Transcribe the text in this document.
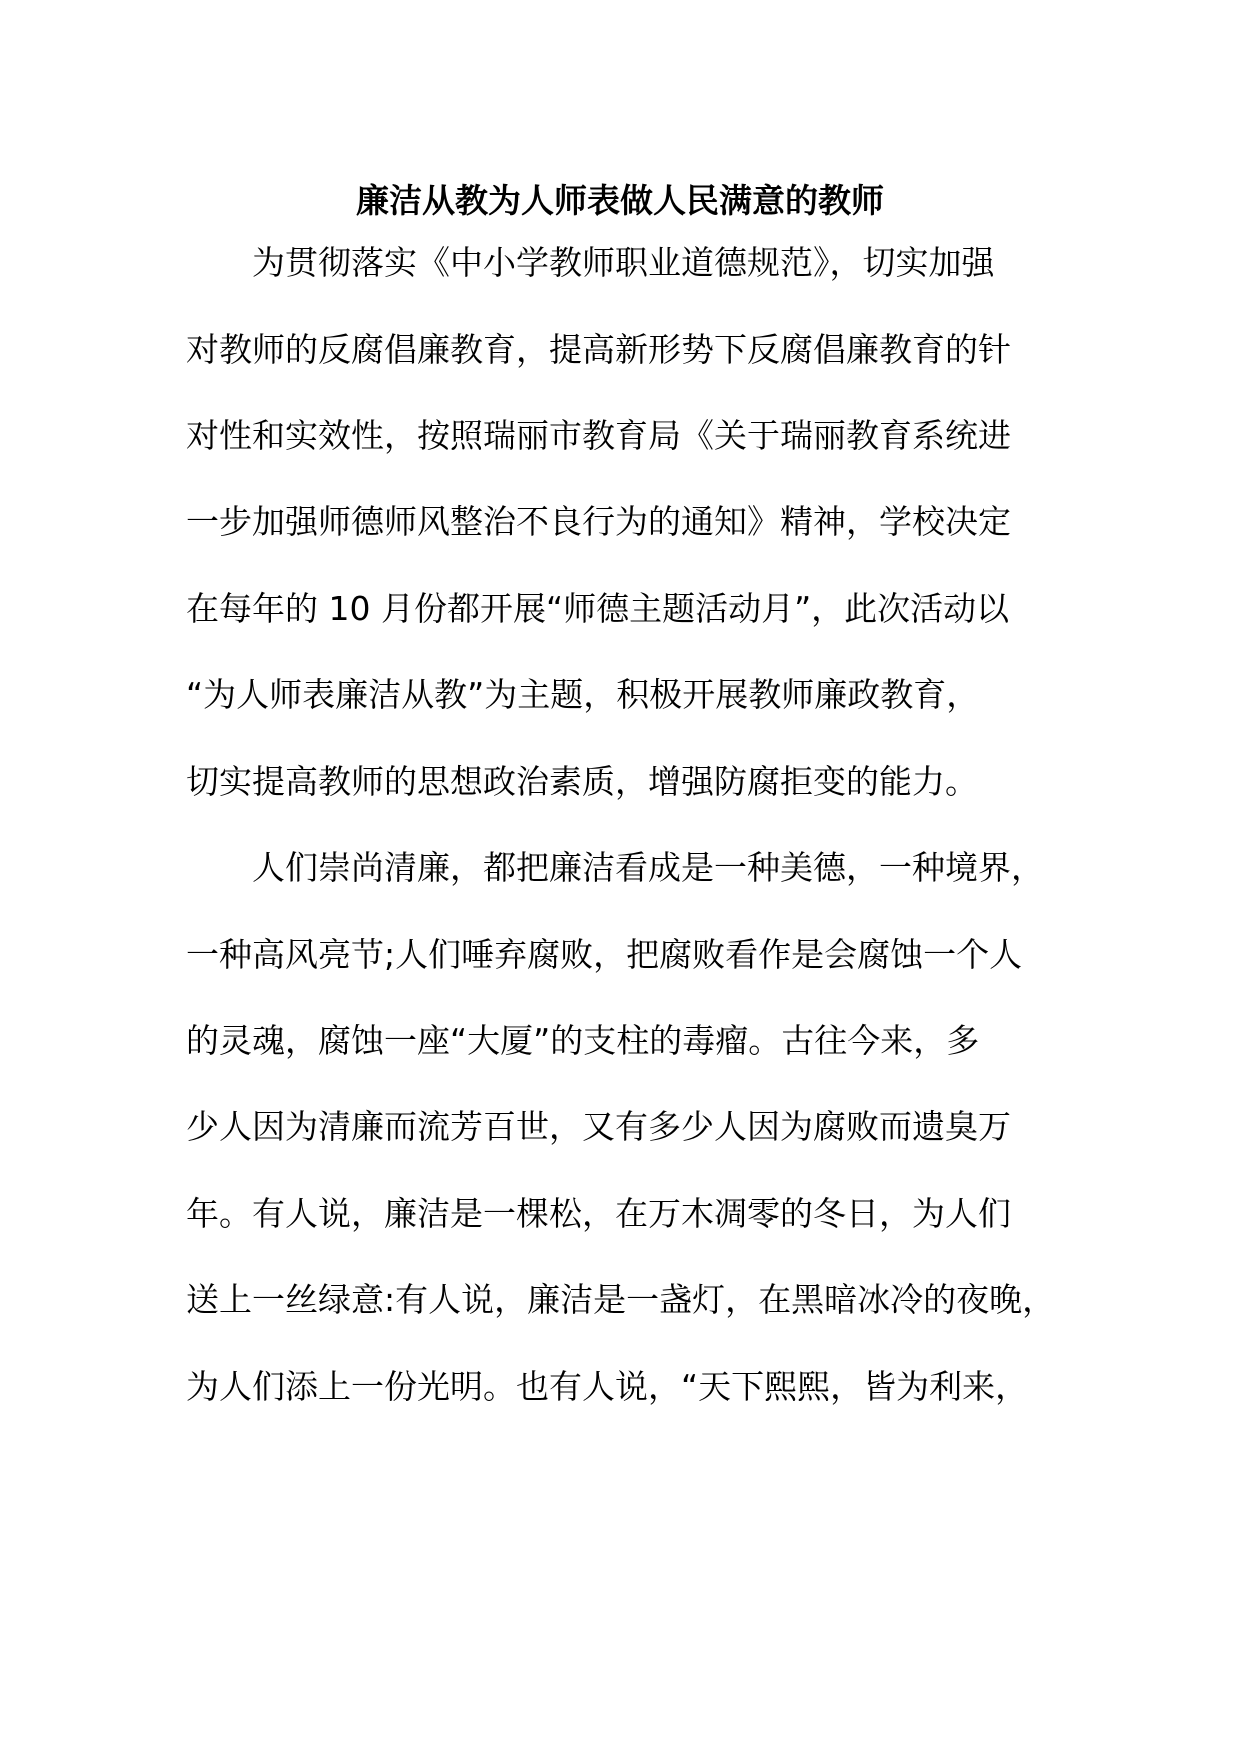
廉洁从教为人师表做人民满意的教师
为贯彻落实《中小学教师职业道德规范》，切实加强
对教师的反腐倡廉教育，提高新形势下反腐倡廉教育的针
对性和实效性，按照瑞丽市教育局《关于瑞丽教育系统进
一步加强师德师风整治不良行为的通知》精神，学校决定
在每年的 10 月份都开展“师德主题活动月”，此次活动以
“为人师表廉洁从教”为主题，积极开展教师廉政教育，
切实提高教师的思想政治素质，增强防腐拒变的能力。
人们崇尚清廉，都把廉洁看成是一种美德，一种境界，
一种高风亮节;人们唾弃腐败，把腐败看作是会腐蚀一个人
的灵魂，腐蚀一座“大厦”的支柱的毒瘤。古往今来，多
少人因为清廉而流芳百世，又有多少人因为腐败而遗臭万
年。有人说，廉洁是一棵松，在万木凋零的冬日，为人们
送上一丝绿意:有人说，廉洁是一盏灯，在黑暗冰冷的夜晚，
为人们添上一份光明。也有人说，“天下熙熙，皆为利来，
